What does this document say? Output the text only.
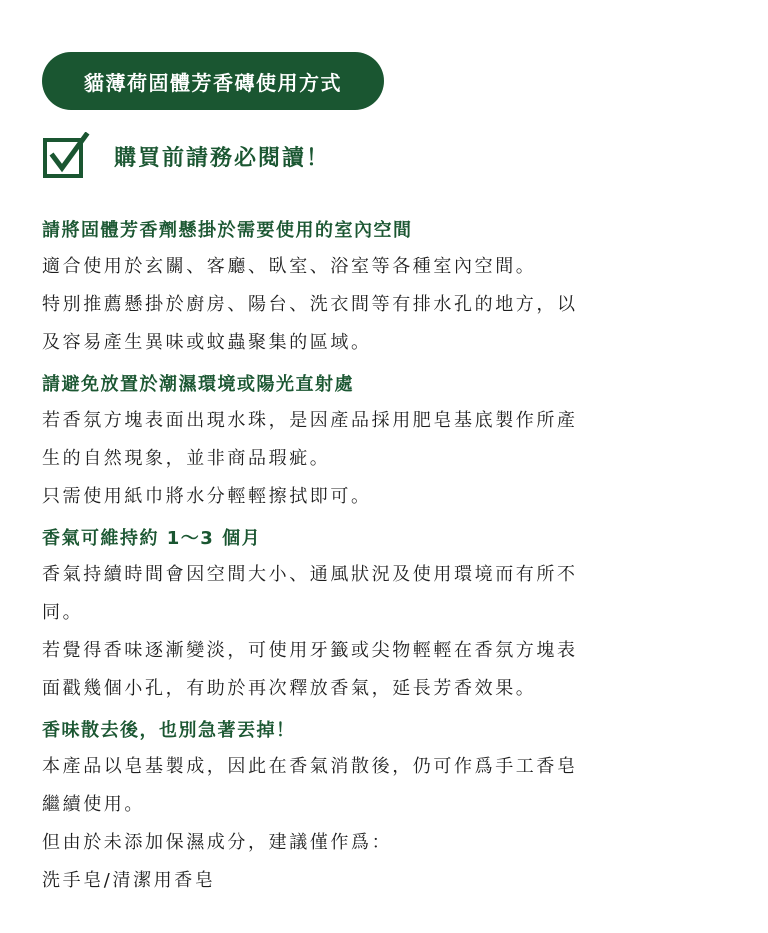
貓薄荷固體芳香磚使用方式
購買前請務必閱讀！
請將固體芳香劑懸掛於需要使用的室內空間
適合使用於玄關、客廳、臥室、浴室等各種室內空間。
特別推薦懸掛於廚房、陽台、洗衣間等有排水孔的地方，以
及容易產生異味或蚊蟲聚集的區域。
請避免放置於潮濕環境或陽光直射處
若香氛方塊表面出現水珠，是因產品採用肥皂基底製作所產
生的自然現象，並非商品瑕疵。
只需使用紙巾將水分輕輕擦拭即可。
香氣可維持約 1～3 個月
香氣持續時間會因空間大小、通風狀況及使用環境而有所不
同。
若覺得香味逐漸變淡，可使用牙籤或尖物輕輕在香氛方塊表
面戳幾個小孔，有助於再次釋放香氣，延長芳香效果。
香味散去後，也別急著丟掉！
本產品以皂基製成，因此在香氣消散後，仍可作爲手工香皂
繼續使用。
但由於未添加保濕成分，建議僅作爲：
洗手皂/清潔用香皂
